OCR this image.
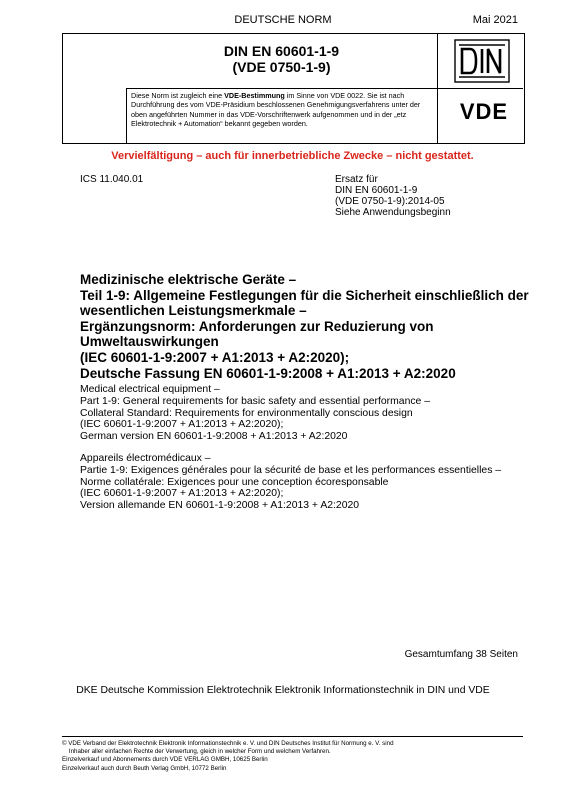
DEUTSCHE NORM	Mai 2021
DIN EN 60601-1-9
(VDE 0750-1-9)
Diese Norm ist zugleich eine VDE-Bestimmung im Sinne von VDE 0022. Sie ist nach Durchführung des vom VDE-Präsidium beschlossenen Genehmigungsverfahrens unter der oben angeführten Nummer in das VDE-Vorschriftenwerk aufgenommen und in der „etz Elektrotechnik + Automation“ bekannt gegeben worden.	VDE
Vervielfältigung – auch für innerbetriebliche Zwecke – nicht gestattet.
ICS 11.040.01	Ersatz für
DIN EN 60601-1-9
(VDE 0750-1-9):2014-05
Siehe Anwendungsbeginn
Medizinische elektrische Geräte –
Teil 1-9: Allgemeine Festlegungen für die Sicherheit einschließlich der
wesentlichen Leistungsmerkmale –
Ergänzungsnorm: Anforderungen zur Reduzierung von
Umweltauswirkungen
(IEC 60601-1-9:2007 + A1:2013 + A2:2020);
Deutsche Fassung EN 60601-1-9:2008 + A1:2013 + A2:2020
Medical electrical equipment –
Part 1-9: General requirements for basic safety and essential performance –
Collateral Standard: Requirements for environmentally conscious design
(IEC 60601-1-9:2007 + A1:2013 + A2:2020);
German version EN 60601-1-9:2008 + A1:2013 + A2:2020
Appareils électromédicaux –
Partie 1-9: Exigences générales pour la sécurité de base et les performances essentielles –
Norme collatérale: Exigences pour une conception écoresponsable
(IEC 60601-1-9:2007 + A1:2013 + A2:2020);
Version allemande EN 60601-1-9:2008 + A1:2013 + A2:2020
Gesamtumfang 38 Seiten
DKE Deutsche Kommission Elektrotechnik Elektronik Informationstechnik in DIN und VDE
© VDE Verband der Elektrotechnik Elektronik Informationstechnik e. V. und DIN Deutsches Institut für Normung e. V. sind
Inhaber aller einfachen Rechte der Verwertung, gleich in welcher Form und welchem Verfahren.
Einzelverkauf und Abonnements durch VDE VERLAG GMBH, 10625 Berlin
Einzelverkauf auch durch Beuth Verlag GmbH, 10772 Berlin
